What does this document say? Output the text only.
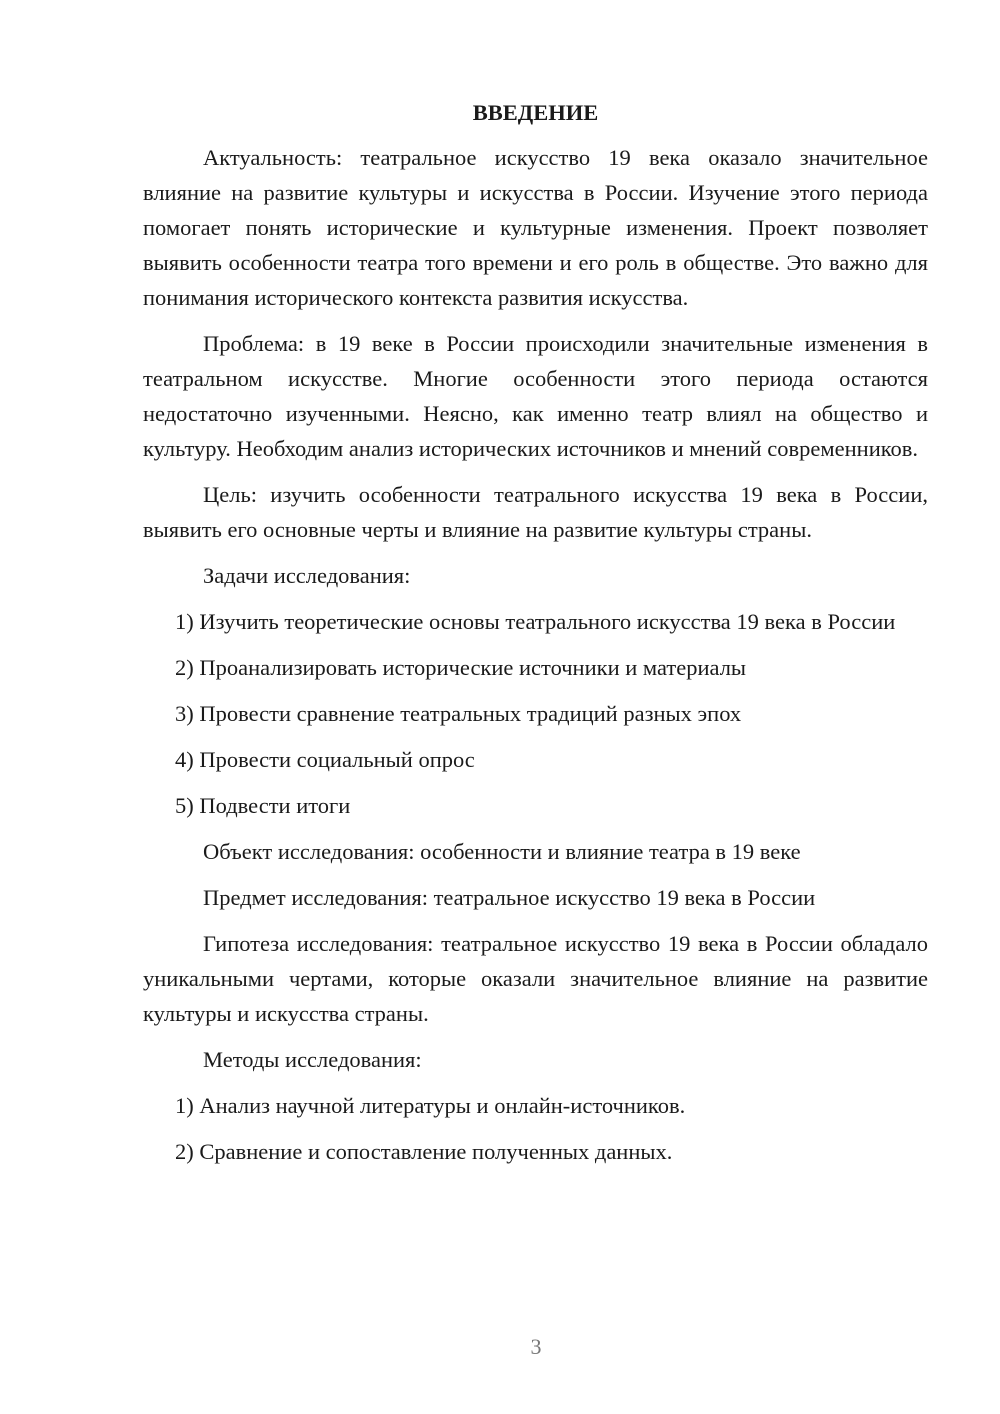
ВВЕДЕНИЕ

Актуальность: театральное искусство 19 века оказало значительное влияние на развитие культуры и искусства в России. Изучение этого периода помогает понять исторические и культурные изменения. Проект позволяет выявить особенности театра того времени и его роль в обществе. Это важно для понимания исторического контекста развития искусства.

Проблема: в 19 веке в России происходили значительные изменения в театральном искусстве. Многие особенности этого периода остаются недостаточно изученными. Неясно, как именно театр влиял на общество и культуру. Необходим анализ исторических источников и мнений современников.

Цель: изучить особенности театрального искусства 19 века в России, выявить его основные черты и влияние на развитие культуры страны.

Задачи исследования:

1) Изучить теоретические основы театрального искусства 19 века в России

2) Проанализировать исторические источники и материалы

3) Провести сравнение театральных традиций разных эпох

4) Провести социальный опрос

5) Подвести итоги

Объект исследования: особенности и влияние театра в 19 веке

Предмет исследования: театральное искусство 19 века в России

Гипотеза исследования: театральное искусство 19 века в России обладало уникальными чертами, которые оказали значительное влияние на развитие культуры и искусства страны.

Методы исследования:

1) Анализ научной литературы и онлайн-источников.

2) Сравнение и сопоставление полученных данных.

3
